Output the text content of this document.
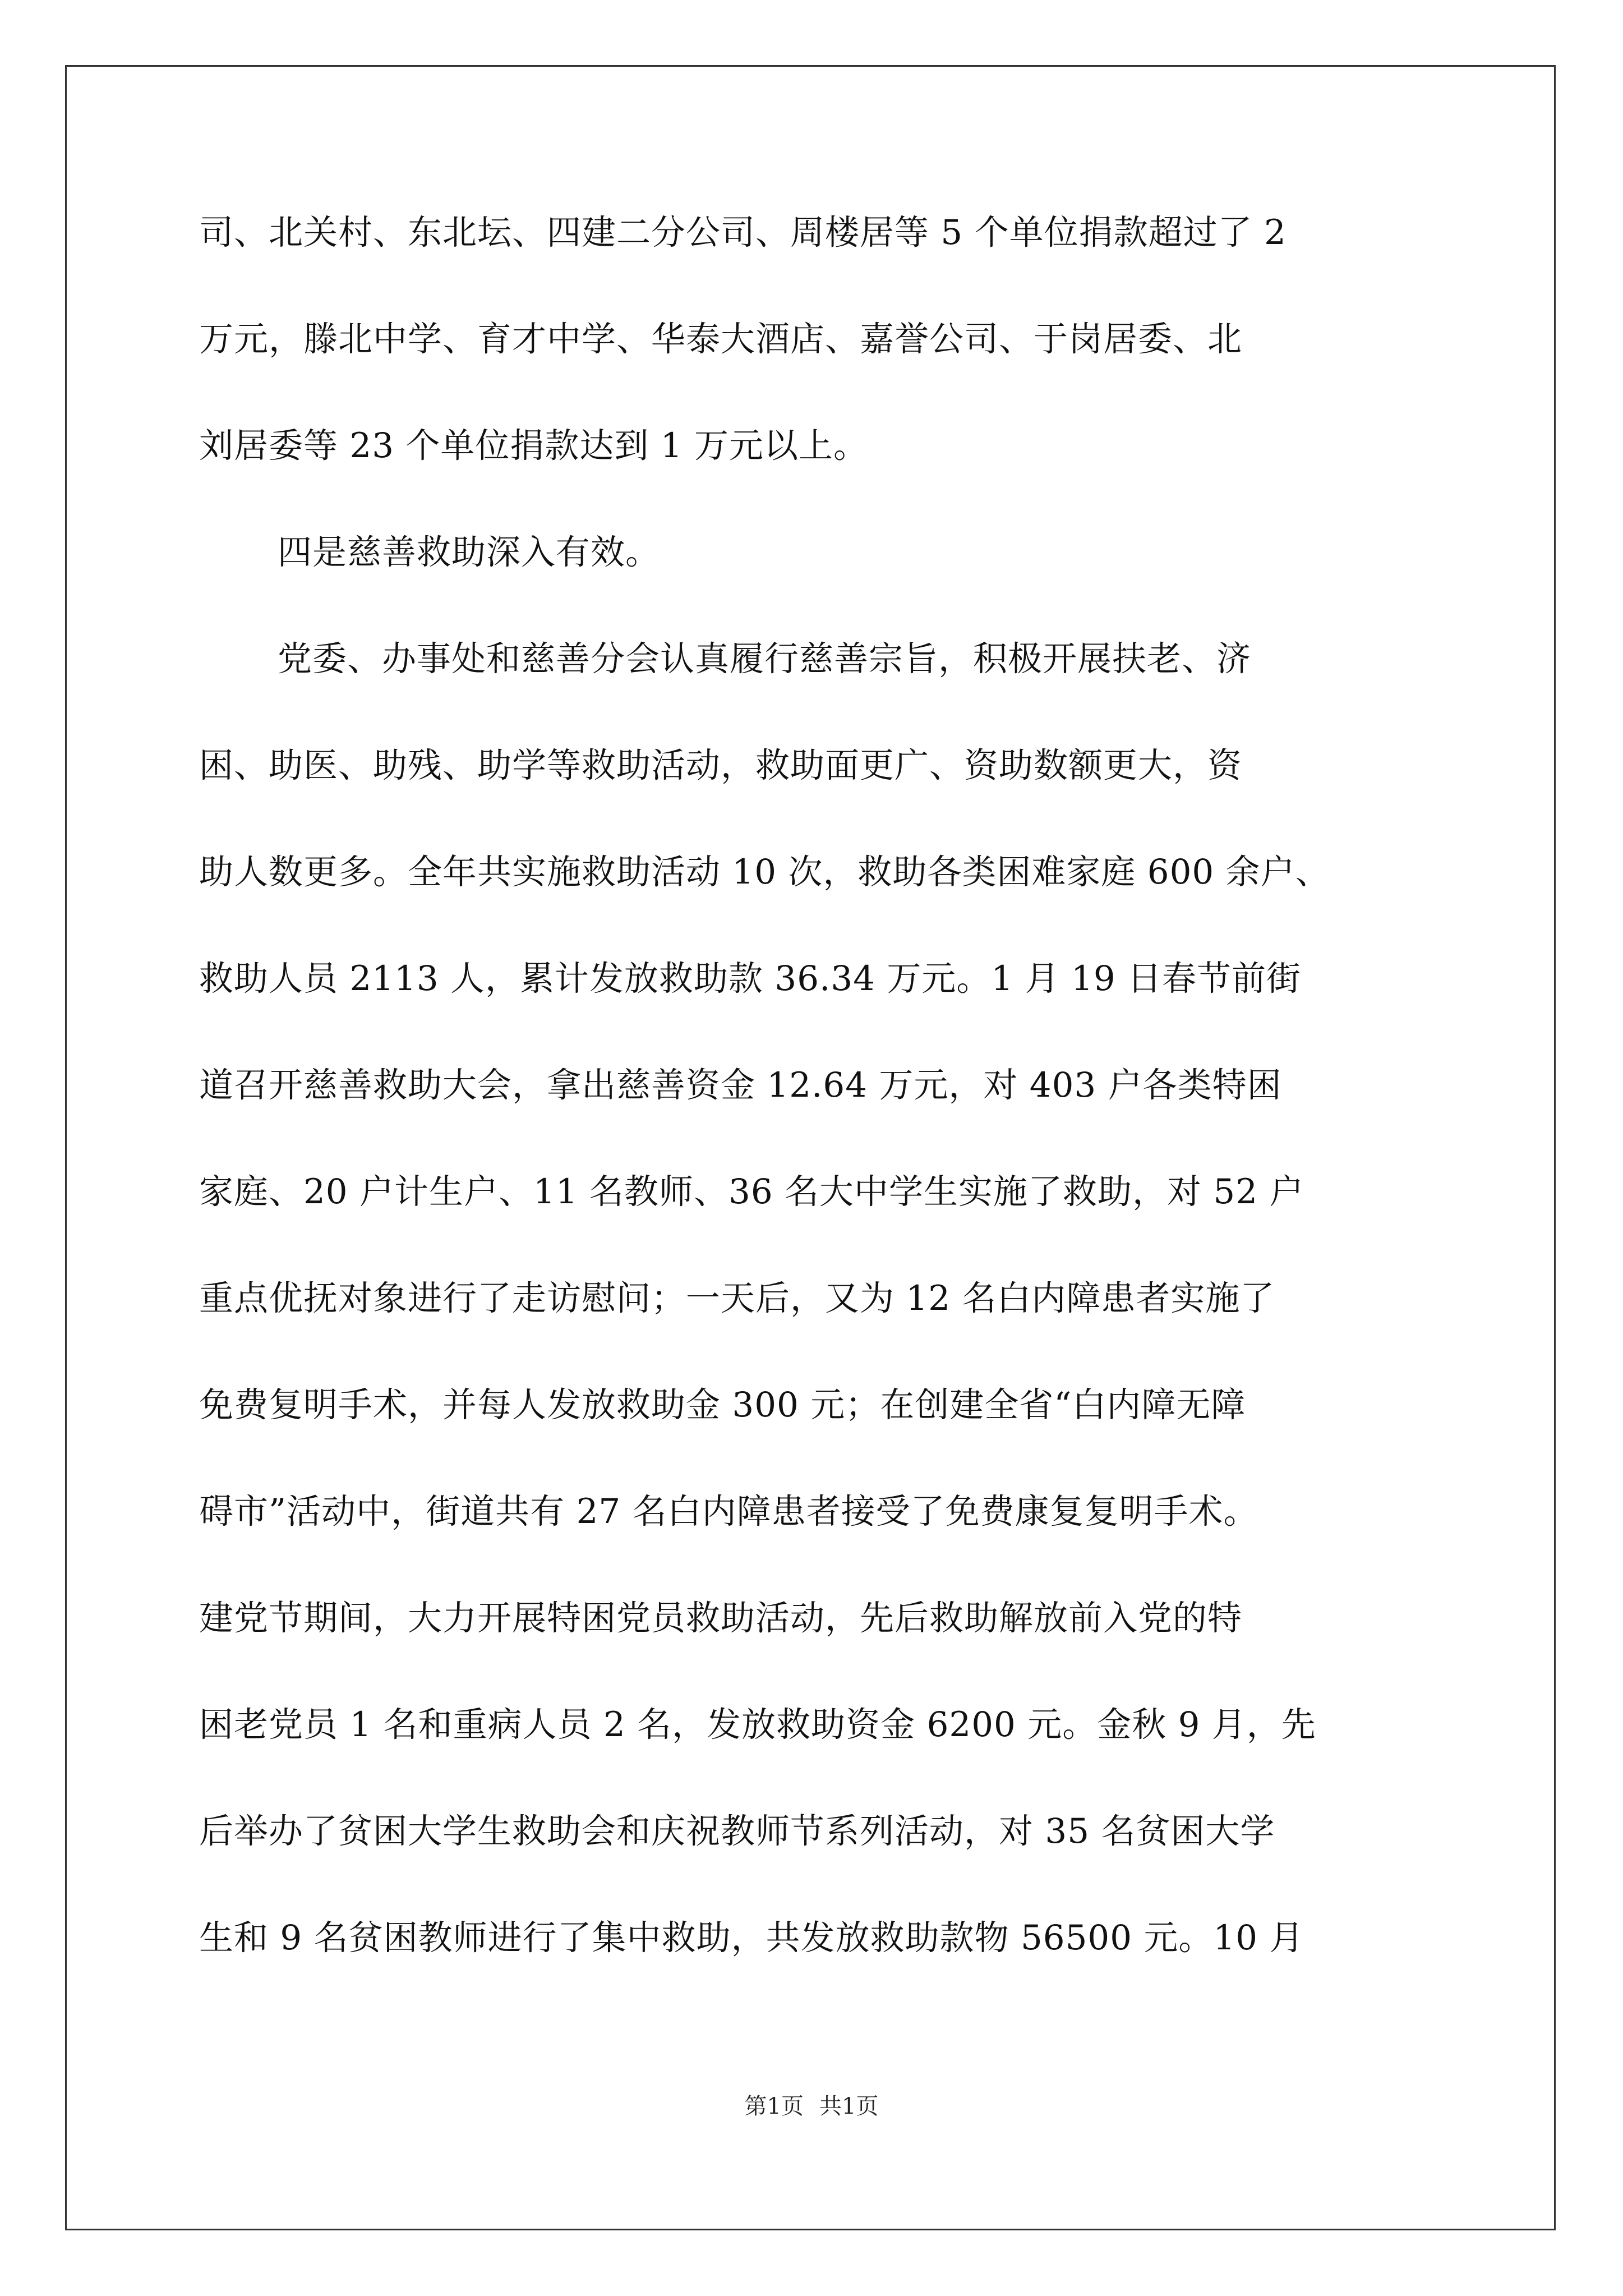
司、北关村、东北坛、四建二分公司、周楼居等 5 个单位捐款超过了 2
万元，滕北中学、育才中学、华泰大酒店、嘉誉公司、于岗居委、北
刘居委等 23 个单位捐款达到 1 万元以上。
四是慈善救助深入有效。
党委、办事处和慈善分会认真履行慈善宗旨，积极开展扶老、济
困、助医、助残、助学等救助活动，救助面更广、资助数额更大，资
助人数更多。全年共实施救助活动 10 次，救助各类困难家庭 600 余户、
救助人员 2113 人，累计发放救助款 36.34 万元。1 月 19 日春节前街
道召开慈善救助大会，拿出慈善资金 12.64 万元，对 403 户各类特困
家庭、20 户计生户、11 名教师、36 名大中学生实施了救助，对 52 户
重点优抚对象进行了走访慰问；一天后，又为 12 名白内障患者实施了
免费复明手术，并每人发放救助金 300 元；在创建全省“白内障无障
碍市”活动中，街道共有 27 名白内障患者接受了免费康复复明手术。
建党节期间，大力开展特困党员救助活动，先后救助解放前入党的特
困老党员 1 名和重病人员 2 名，发放救助资金 6200 元。金秋 9 月，先
后举办了贫困大学生救助会和庆祝教师节系列活动，对 35 名贫困大学
生和 9 名贫困教师进行了集中救助，共发放救助款物 56500 元。10 月
第1页 共1页
